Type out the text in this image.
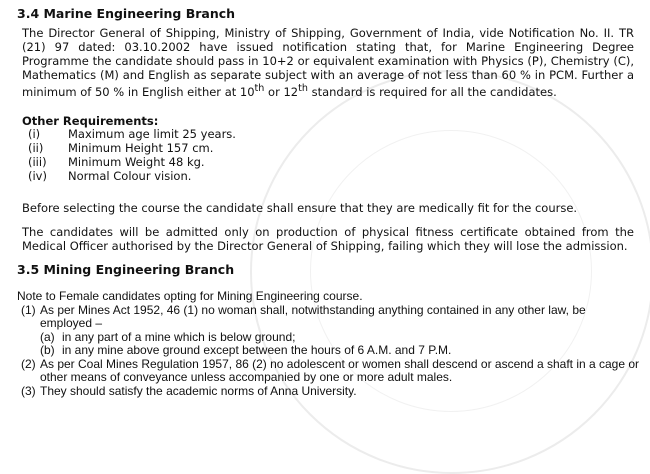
3.4 Marine Engineering Branch
The Director General of Shipping, Ministry of Shipping, Government of India, vide Notification No. II. TR (21) 97 dated: 03.10.2002 have issued notification stating that, for Marine Engineering Degree Programme the candidate should pass in 10+2 or equivalent examination with Physics (P), Chemistry (C), Mathematics (M) and English as separate subject with an average of not less than 60 % in PCM. Further a minimum of 50 % in English either at 10th or 12th standard is required for all the candidates.
Other Requirements:
(i) Maximum age limit 25 years.
(ii) Minimum Height 157 cm.
(iii) Minimum Weight 48 kg.
(iv) Normal Colour vision.
Before selecting the course the candidate shall ensure that they are medically fit for the course.
The candidates will be admitted only on production of physical fitness certificate obtained from the Medical Officer authorised by the Director General of Shipping, failing which they will lose the admission.
3.5 Mining Engineering Branch
Note to Female candidates opting for Mining Engineering course.
(1) As per Mines Act 1952, 46 (1) no woman shall, notwithstanding anything contained in any other law, be employed –
(a) in any part of a mine which is below ground;
(b) in any mine above ground except between the hours of 6 A.M. and 7 P.M.
(2) As per Coal Mines Regulation 1957, 86 (2) no adolescent or women shall descend or ascend a shaft in a cage or other means of conveyance unless accompanied by one or more adult males.
(3) They should satisfy the academic norms of Anna University.
